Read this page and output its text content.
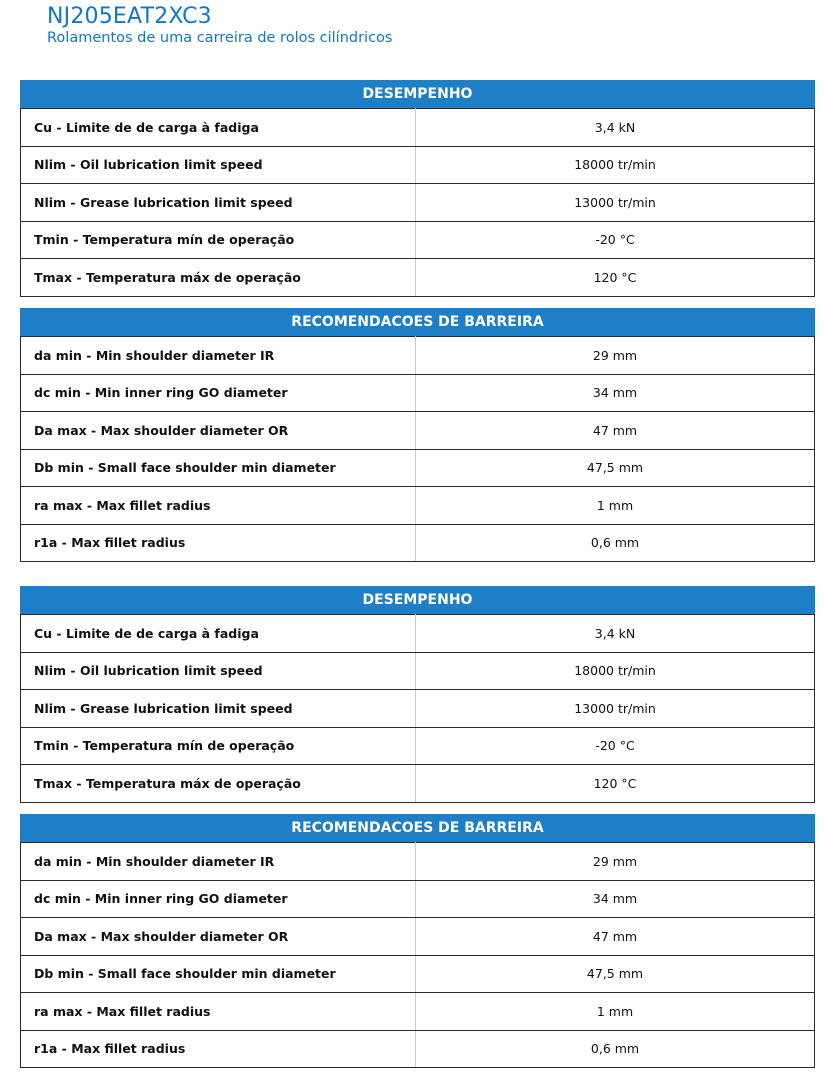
NJ205EAT2XC3
Rolamentos de uma carreira de rolos cilíndricos
DESEMPENHO
Cu - Limite de de carga à fadiga	3,4 kN
Nlim - Oil lubrication limit speed	18000 tr/min
Nlim - Grease lubrication limit speed	13000 tr/min
Tmin - Temperatura mín de operação	-20 °C
Tmax - Temperatura máx de operação	120 °C
RECOMENDACOES DE BARREIRA
da min - Min shoulder diameter IR	29 mm
dc min - Min inner ring GO diameter	34 mm
Da max - Max shoulder diameter OR	47 mm
Db min - Small face shoulder min diameter	47,5 mm
ra max - Max fillet radius	1 mm
r1a - Max fillet radius	0,6 mm
DESEMPENHO
Cu - Limite de de carga à fadiga	3,4 kN
Nlim - Oil lubrication limit speed	18000 tr/min
Nlim - Grease lubrication limit speed	13000 tr/min
Tmin - Temperatura mín de operação	-20 °C
Tmax - Temperatura máx de operação	120 °C
RECOMENDACOES DE BARREIRA
da min - Min shoulder diameter IR	29 mm
dc min - Min inner ring GO diameter	34 mm
Da max - Max shoulder diameter OR	47 mm
Db min - Small face shoulder min diameter	47,5 mm
ra max - Max fillet radius	1 mm
r1a - Max fillet radius	0,6 mm
